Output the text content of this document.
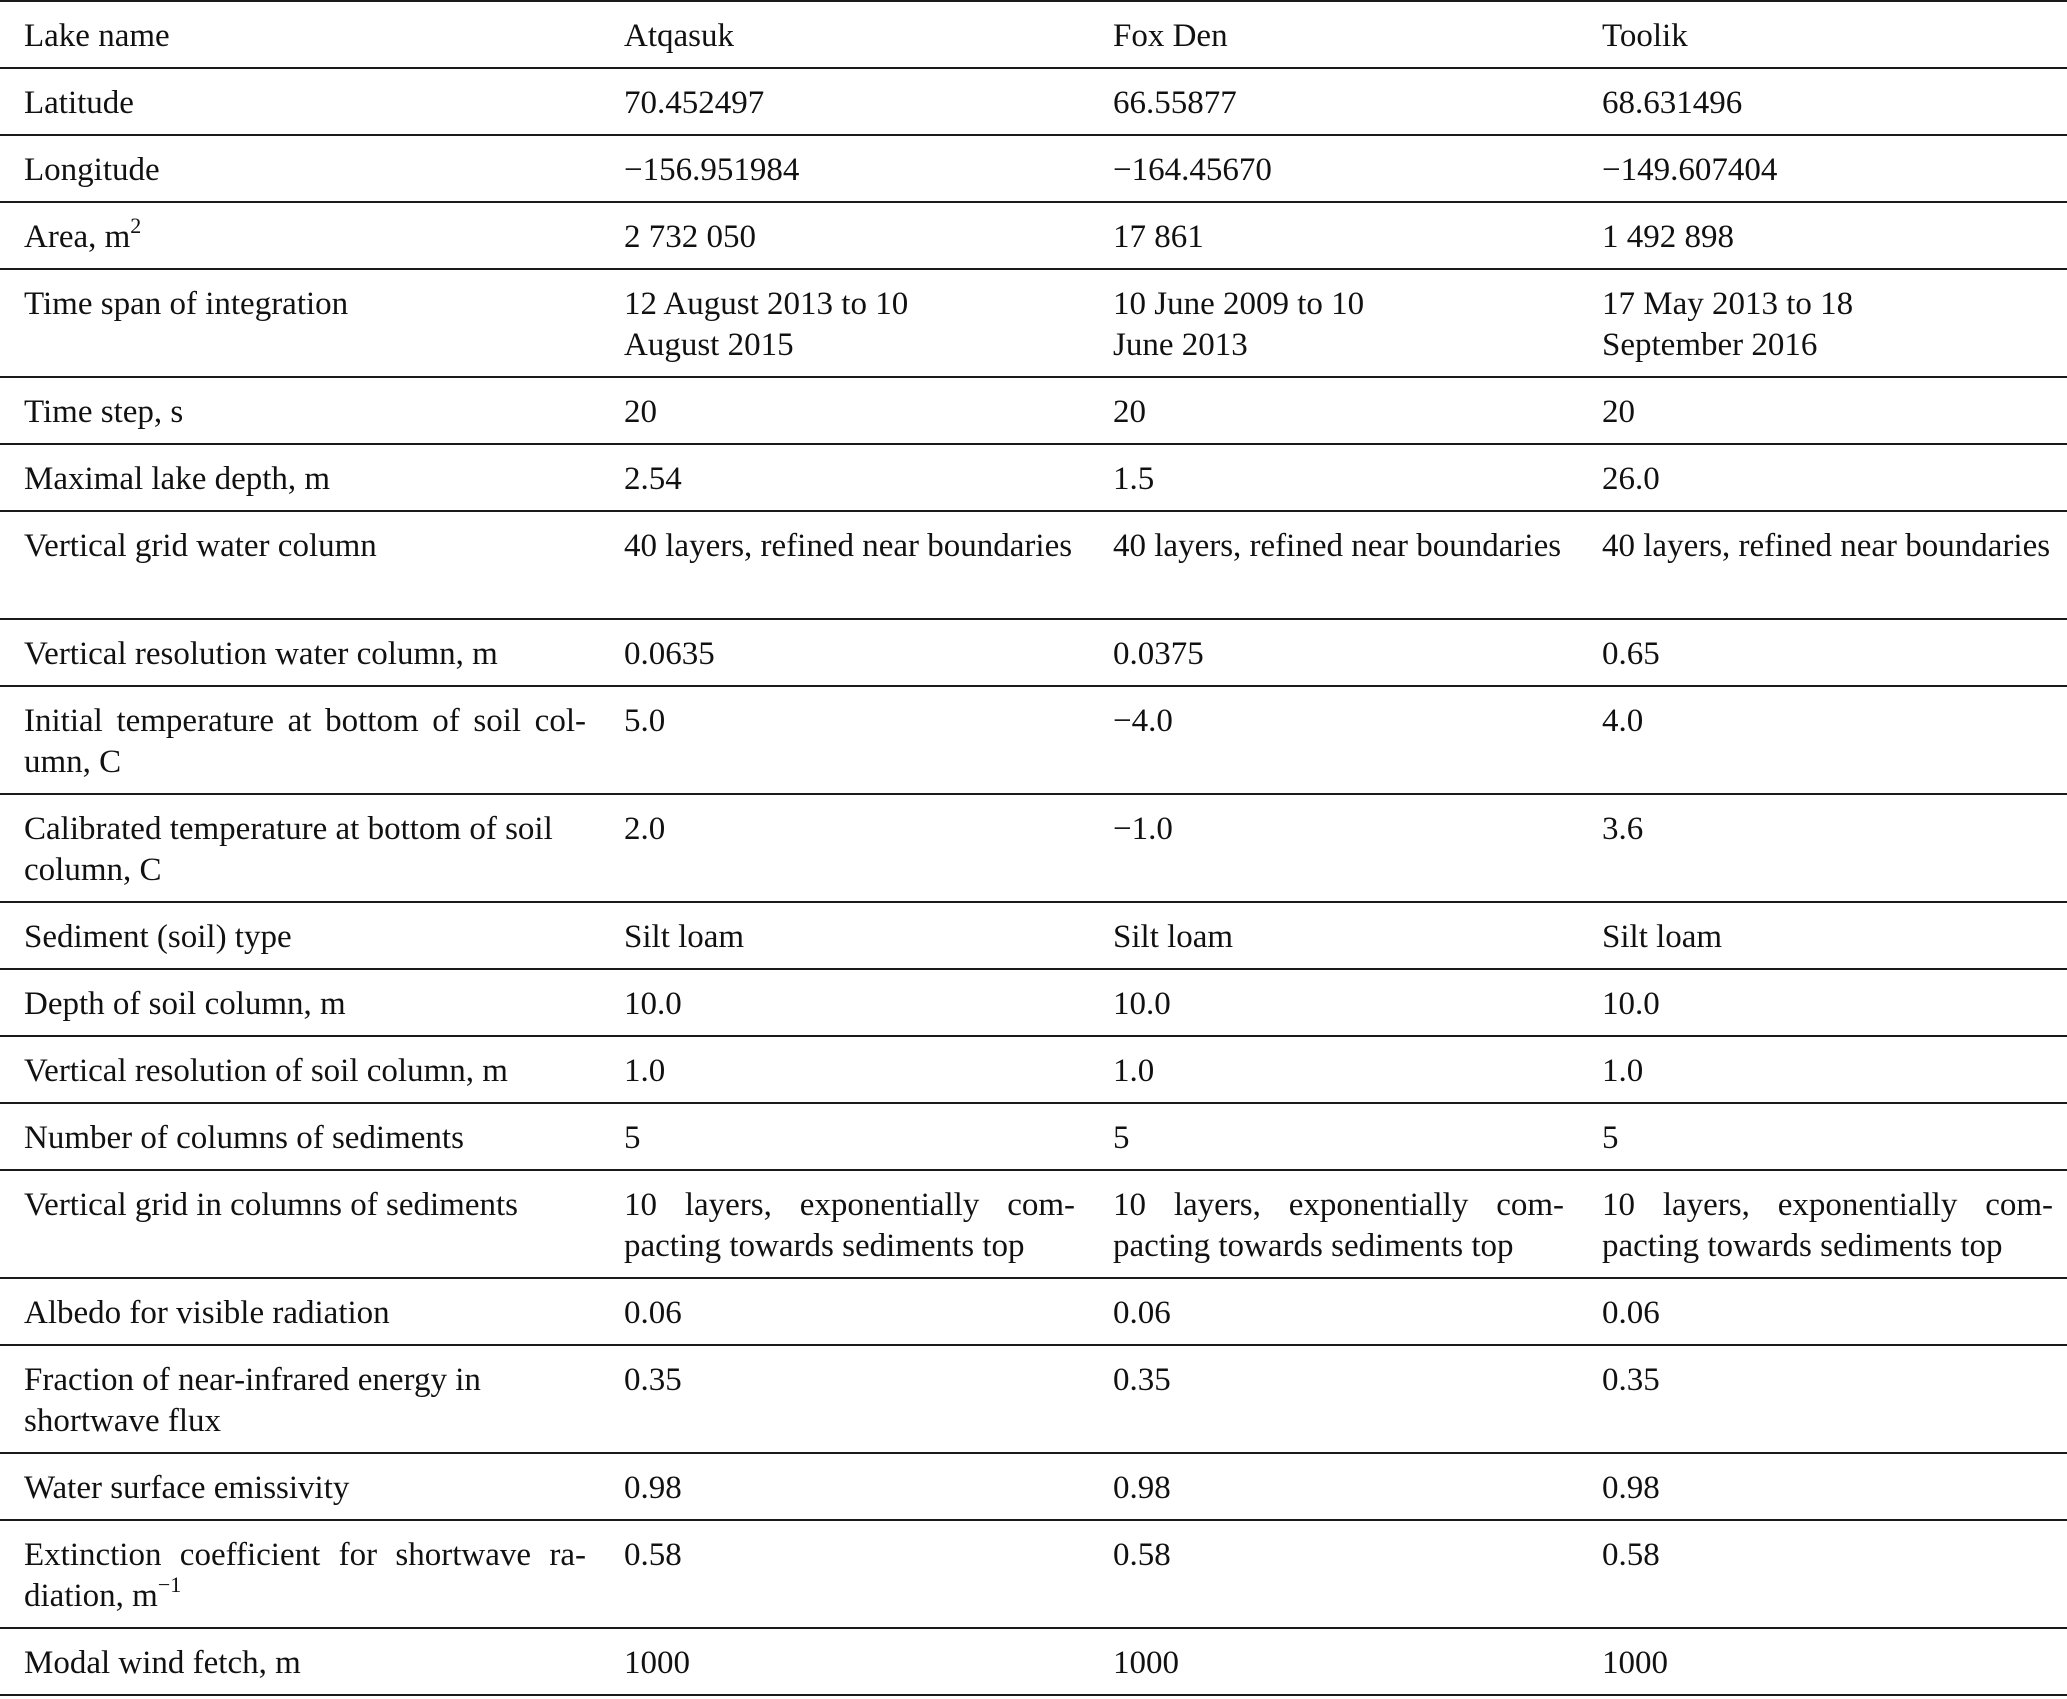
Lake name	Atqasuk	Fox Den	Toolik
Latitude	70.452497	66.55877	68.631496
Longitude	−156.951984	−164.45670	−149.607404
Area, $m^2$	2 732 050	17 861	1 492 898
Time span of integration	12 August 2013 to 10 August 2015	10 June 2009 to 10 June 2013	17 May 2013 to 18 September 2016
Time step, s	20	20	20
Maximal lake depth, m	2.54	1.5	26.0
Vertical grid water column	40 layers, refined near boundaries	40 layers, refined near boundaries	40 layers, refined near boundaries
Vertical resolution water column, m	0.0635	0.0375	0.65
Initial temperature at bottom of soil col-umn, C	5.0	−4.0	4.0
Calibrated temperature at bottom of soil column, C	2.0	−1.0	3.6
Sediment (soil) type	Silt loam	Silt loam	Silt loam
Depth of soil column, m	10.0	10.0	10.0
Vertical resolution of soil column, m	1.0	1.0	1.0
Number of columns of sediments	5	5	5
Vertical grid in columns of sediments	10 layers, exponentially com-pacting towards sediments top	10 layers, exponentially com-pacting towards sediments top	10 layers, exponentially com-pacting towards sediments top
Albedo for visible radiation	0.06	0.06	0.06
Fraction of near-infrared energy in shortwave flux	0.35	0.35	0.35
Water surface emissivity	0.98	0.98	0.98
Extinction coefficient for shortwave ra-diation, $m^{-1}$	0.58	0.58	0.58
Modal wind fetch, m	1000	1000	1000
